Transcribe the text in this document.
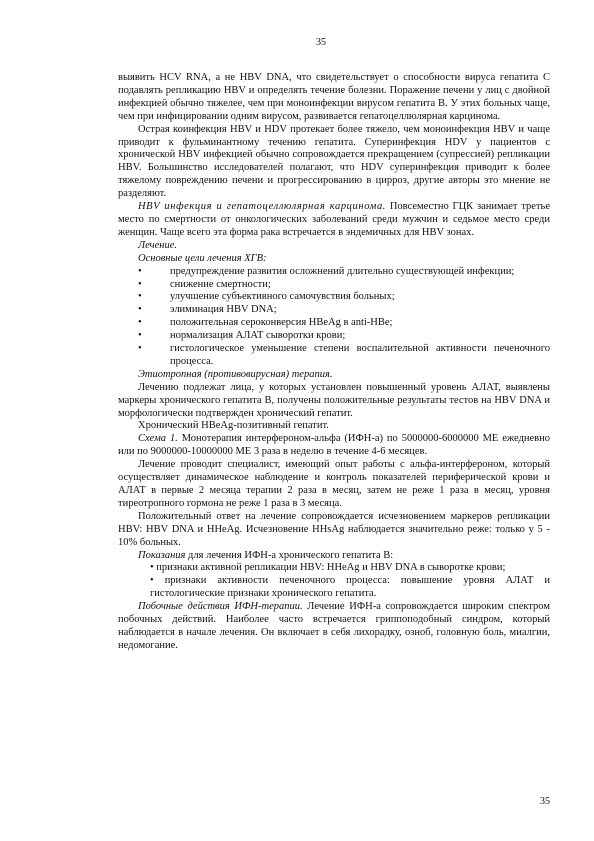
35

выявить HCV RNA, а не HBV DNA, что свидетельствует о способности вируса гепатита C подавлять репликацию HBV и определять течение болезни. Поражение печени у лиц с двойной инфекцией обычно тяжелее, чем при моноинфекции вирусом гепатита B. У этих больных чаще, чем при инфицировании одним вирусом, развивается гепатоцеллюлярная карцинома.

Острая коинфекция HBV и HDV протекает более тяжело, чем моноинфекция HBV и чаще приводит к фульминантному течению гепатита. Суперинфекция HDV у пациентов с хронической HBV инфекцией обычно сопровождается прекращением (супрессией) репликации HBV. Большинство исследователей полагают, что HDV суперинфекция приводит к более тяжелому повреждению печени и прогрессированию в цирроз, другие авторы это мнение не разделяют.

HBV инфекция и гепатоцеллюлярная карцинома. Повсеместно ГЦК занимает третье место по смертности от онкологических заболеваний среди мужчин и седьмое место среди женщин. Чаще всего эта форма рака встречается в эндемичных для HBV зонах.

Лечение.

Основные цели лечения ХГВ:

•	предупреждение развития осложнений длительно существующей инфекции;
•	снижение смертности;
•	улучшение субъективного самочувствия больных;
•	элиминация HBV DNA;
•	положительная сероконверсия HBeAg в anti-HBe;
•	нормализация АЛАТ сыворотки крови;
•	гистологическое уменьшение степени воспалительной активности печеночного процесса.

Этиотропная (противовирусная) терапия.

Лечению подлежат лица, у которых установлен повышенный уровень АЛАТ, выявлены маркеры хронического гепатита B, получены положительные результаты тестов на HBV DNA и морфологически подтвержден хронический гепатит.

Хронический HBeAg-позитивный гепатит.

Схема 1. Монотерапия интерфероном-альфа (ИФН-а) по 5000000-6000000 МЕ ежедневно или по 9000000-10000000 МЕ 3 раза в неделю в течение 4-6 месяцев.

Лечение проводит специалист, имеющий опыт работы с альфа-интерфероном, который осуществляет динамическое наблюдение и контроль показателей периферической крови и АЛАТ в первые 2 месяца терапии 2 раза в месяц, затем не реже 1 раза в месяц, уровня тиреотропного гормона не реже 1 раза в 3 месяца.

Положительный ответ на лечение сопровождается исчезновением маркеров репликации HBV: HBV DNA и HHeAg. Исчезновение HHsAg наблюдается значительно реже: только у 5 - 10% больных.

Показания для лечения ИФН-а хронического гепатита В:

• признаки активной репликации HBV: HHeAg и HBV DNA в сыворотке крови;
• признаки активности печеночного процесса: повышение уровня АЛАТ и гистологические признаки хронического гепатита.

Побочные действия ИФН-терапии. Лечение ИФН-а сопровождается широким спектром побочных действий. Наиболее часто встречается гриппоподобный синдром, который наблюдается в начале лечения. Он включает в себя лихорадку, озноб, головную боль, миалгии, недомогание.

35
